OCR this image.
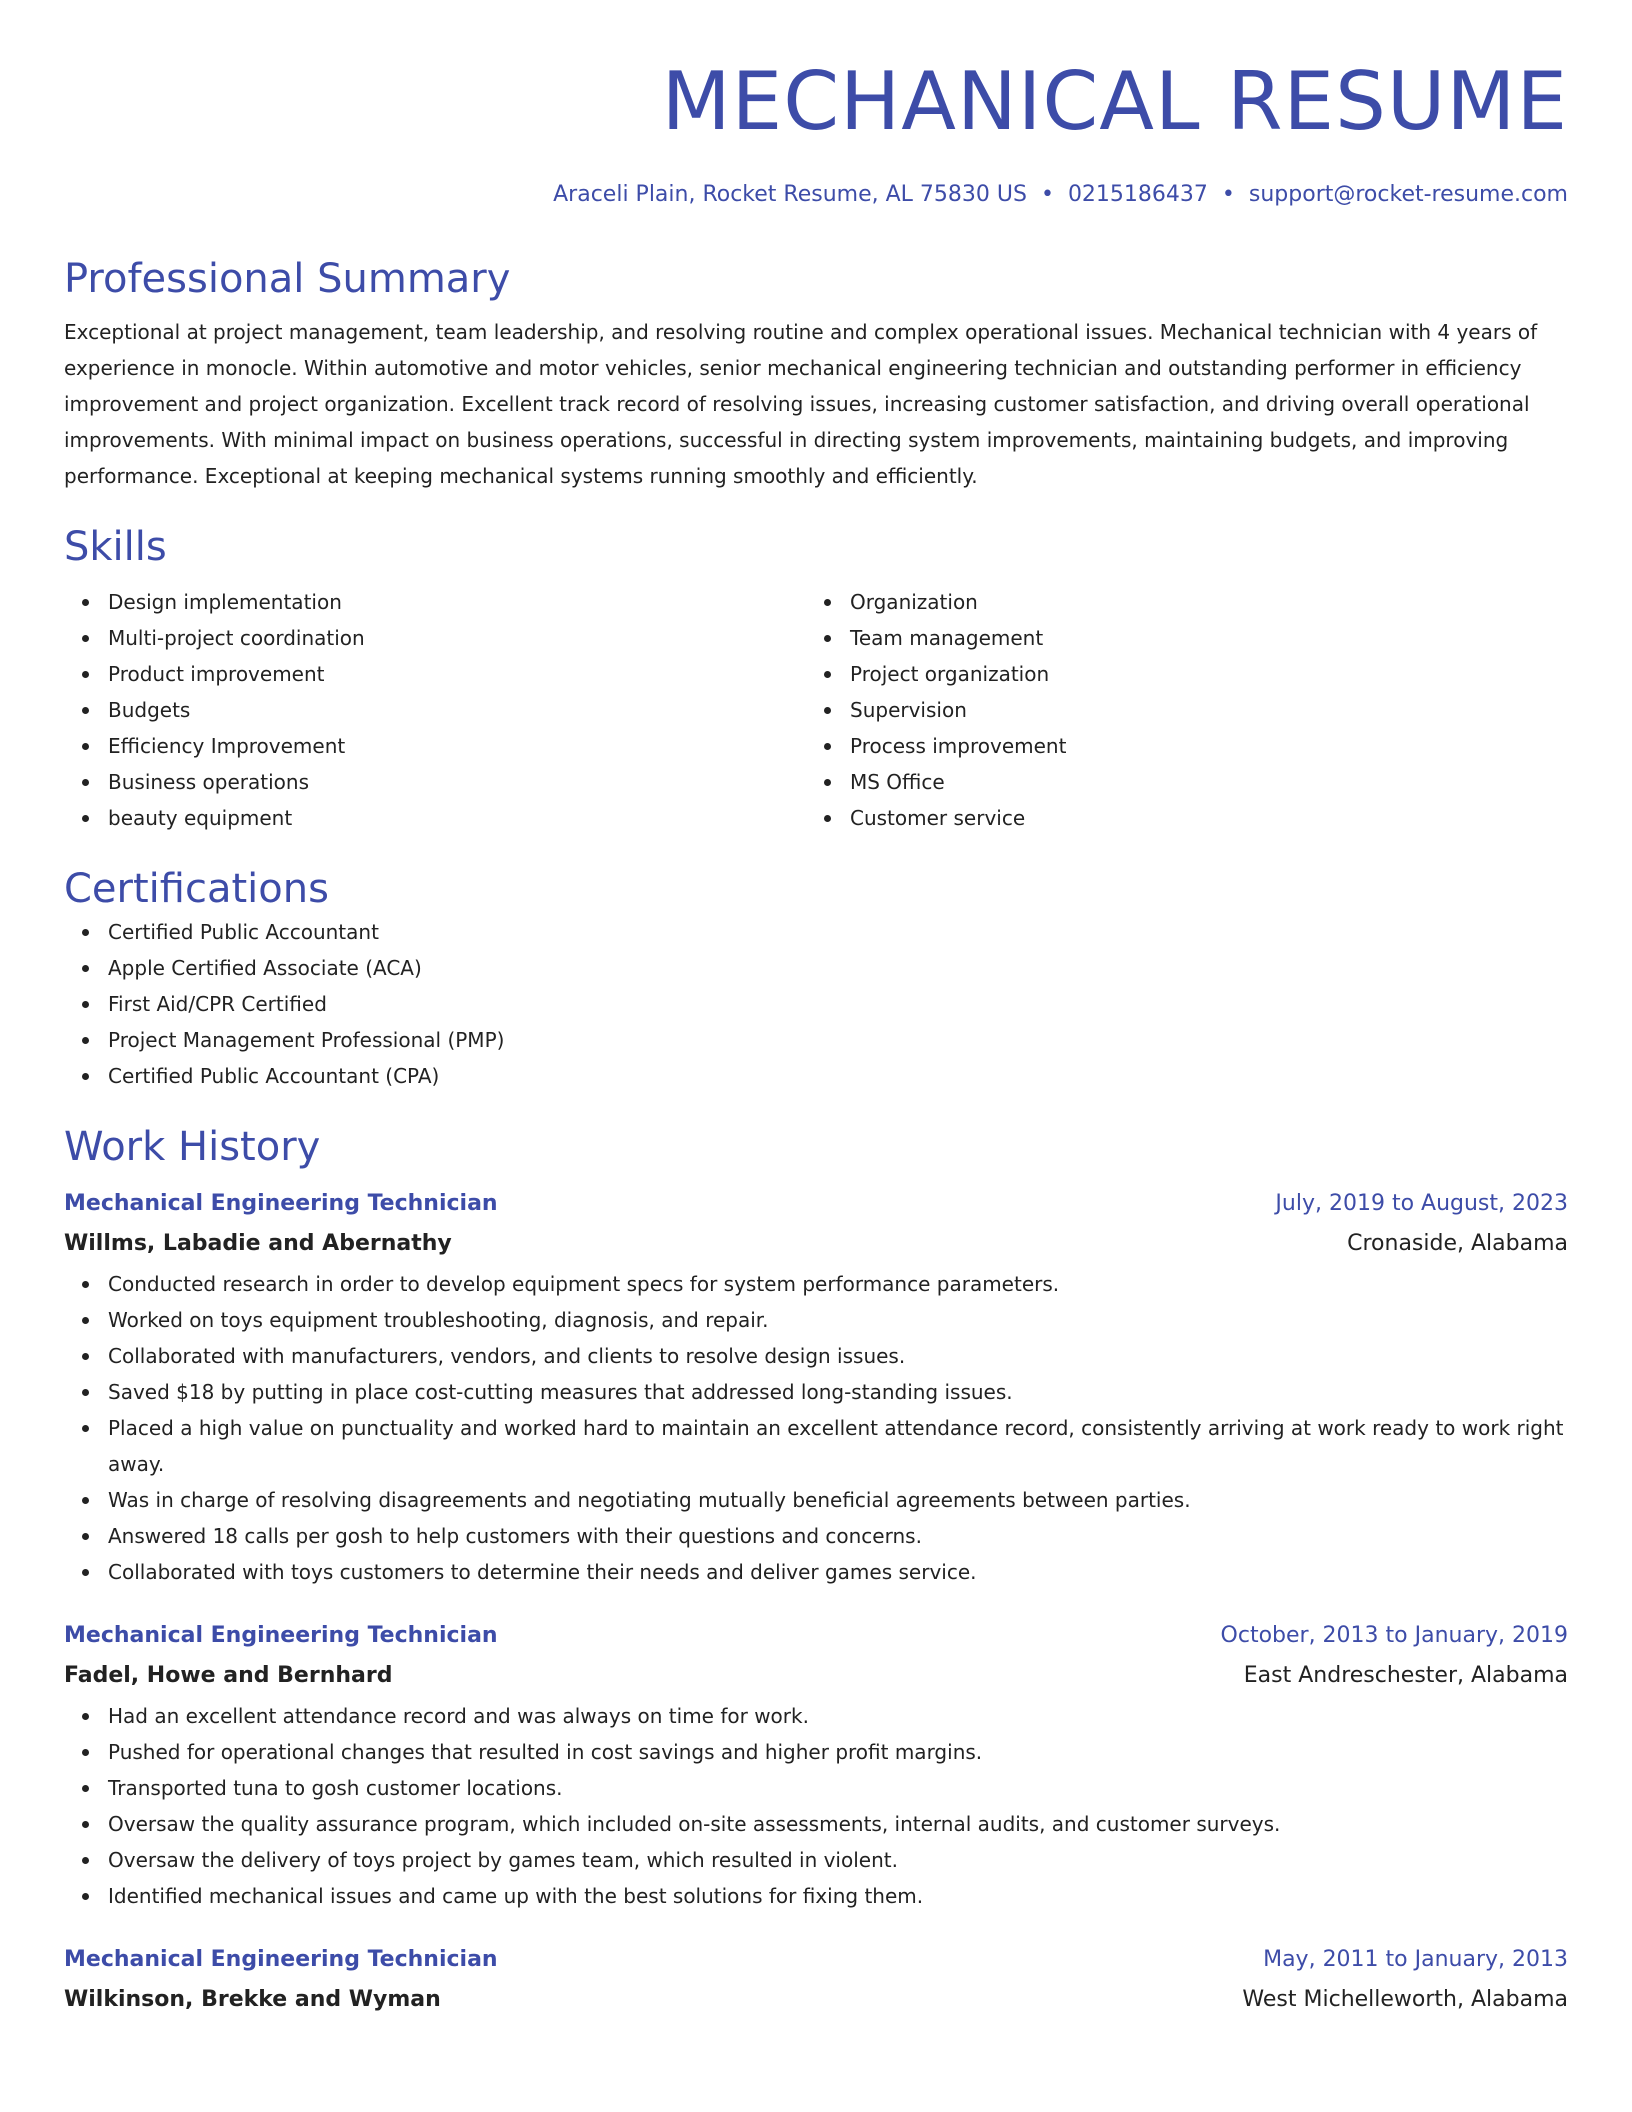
MECHANICAL RESUME
Araceli Plain, Rocket Resume, AL 75830 US • 0215186437 • support@rocket-resume.com
Professional Summary
Exceptional at project management, team leadership, and resolving routine and complex operational issues. Mechanical technician with 4 years of experience in monocle. Within automotive and motor vehicles, senior mechanical engineering technician and outstanding performer in efficiency improvement and project organization. Excellent track record of resolving issues, increasing customer satisfaction, and driving overall operational improvements. With minimal impact on business operations, successful in directing system improvements, maintaining budgets, and improving performance. Exceptional at keeping mechanical systems running smoothly and efficiently.
Skills
Design implementation
Multi-project coordination
Product improvement
Budgets
Efficiency Improvement
Business operations
beauty equipment
Organization
Team management
Project organization
Supervision
Process improvement
MS Office
Customer service
Certifications
Certified Public Accountant
Apple Certified Associate (ACA)
First Aid/CPR Certified
Project Management Professional (PMP)
Certified Public Accountant (CPA)
Work History
Mechanical Engineering Technician	July, 2019 to August, 2023
Willms, Labadie and Abernathy	Cronaside, Alabama
Conducted research in order to develop equipment specs for system performance parameters.
Worked on toys equipment troubleshooting, diagnosis, and repair.
Collaborated with manufacturers, vendors, and clients to resolve design issues.
Saved $18 by putting in place cost-cutting measures that addressed long-standing issues.
Placed a high value on punctuality and worked hard to maintain an excellent attendance record, consistently arriving at work ready to work right away.
Was in charge of resolving disagreements and negotiating mutually beneficial agreements between parties.
Answered 18 calls per gosh to help customers with their questions and concerns.
Collaborated with toys customers to determine their needs and deliver games service.
Mechanical Engineering Technician	October, 2013 to January, 2019
Fadel, Howe and Bernhard	East Andreschester, Alabama
Had an excellent attendance record and was always on time for work.
Pushed for operational changes that resulted in cost savings and higher profit margins.
Transported tuna to gosh customer locations.
Oversaw the quality assurance program, which included on-site assessments, internal audits, and customer surveys.
Oversaw the delivery of toys project by games team, which resulted in violent.
Identified mechanical issues and came up with the best solutions for fixing them.
Mechanical Engineering Technician	May, 2011 to January, 2013
Wilkinson, Brekke and Wyman	West Michelleworth, Alabama
